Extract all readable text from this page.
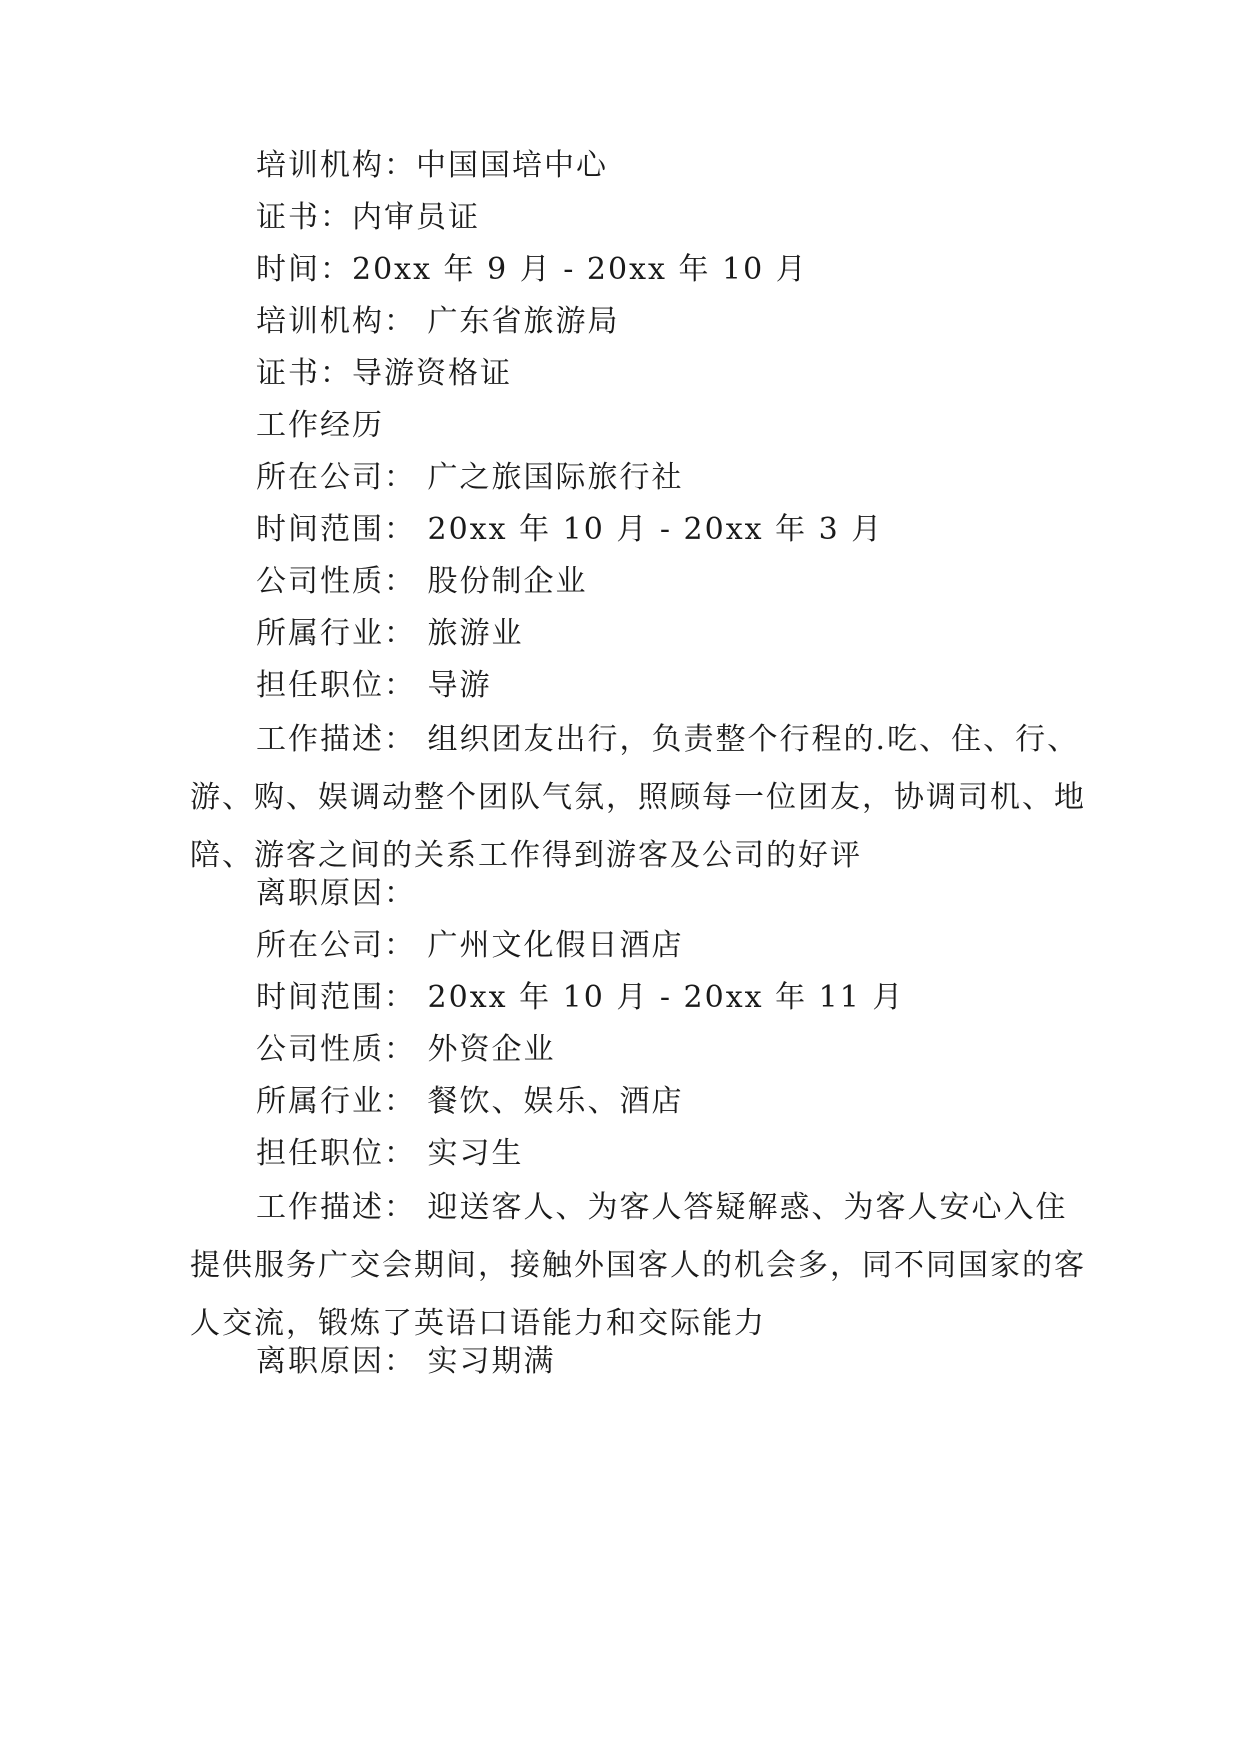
培训机构：中国国培中心
证书：内审员证
时间：20xx 年 9 月 - 20xx 年 10 月
培训机构： 广东省旅游局
证书：导游资格证
工作经历
所在公司： 广之旅国际旅行社
时间范围： 20xx 年 10 月 - 20xx 年 3 月
公司性质： 股份制企业
所属行业： 旅游业
担任职位： 导游
工作描述： 组织团友出行，负责整个行程的.吃、住、行、游、购、娱调动整个团队气氛，照顾每一位团友，协调司机、地陪、游客之间的关系工作得到游客及公司的好评
离职原因：
所在公司： 广州文化假日酒店
时间范围： 20xx 年 10 月 - 20xx 年 11 月
公司性质： 外资企业
所属行业： 餐饮、娱乐、酒店
担任职位： 实习生
工作描述： 迎送客人、为客人答疑解惑、为客人安心入住提供服务广交会期间，接触外国客人的机会多，同不同国家的客人交流，锻炼了英语口语能力和交际能力
离职原因： 实习期满
